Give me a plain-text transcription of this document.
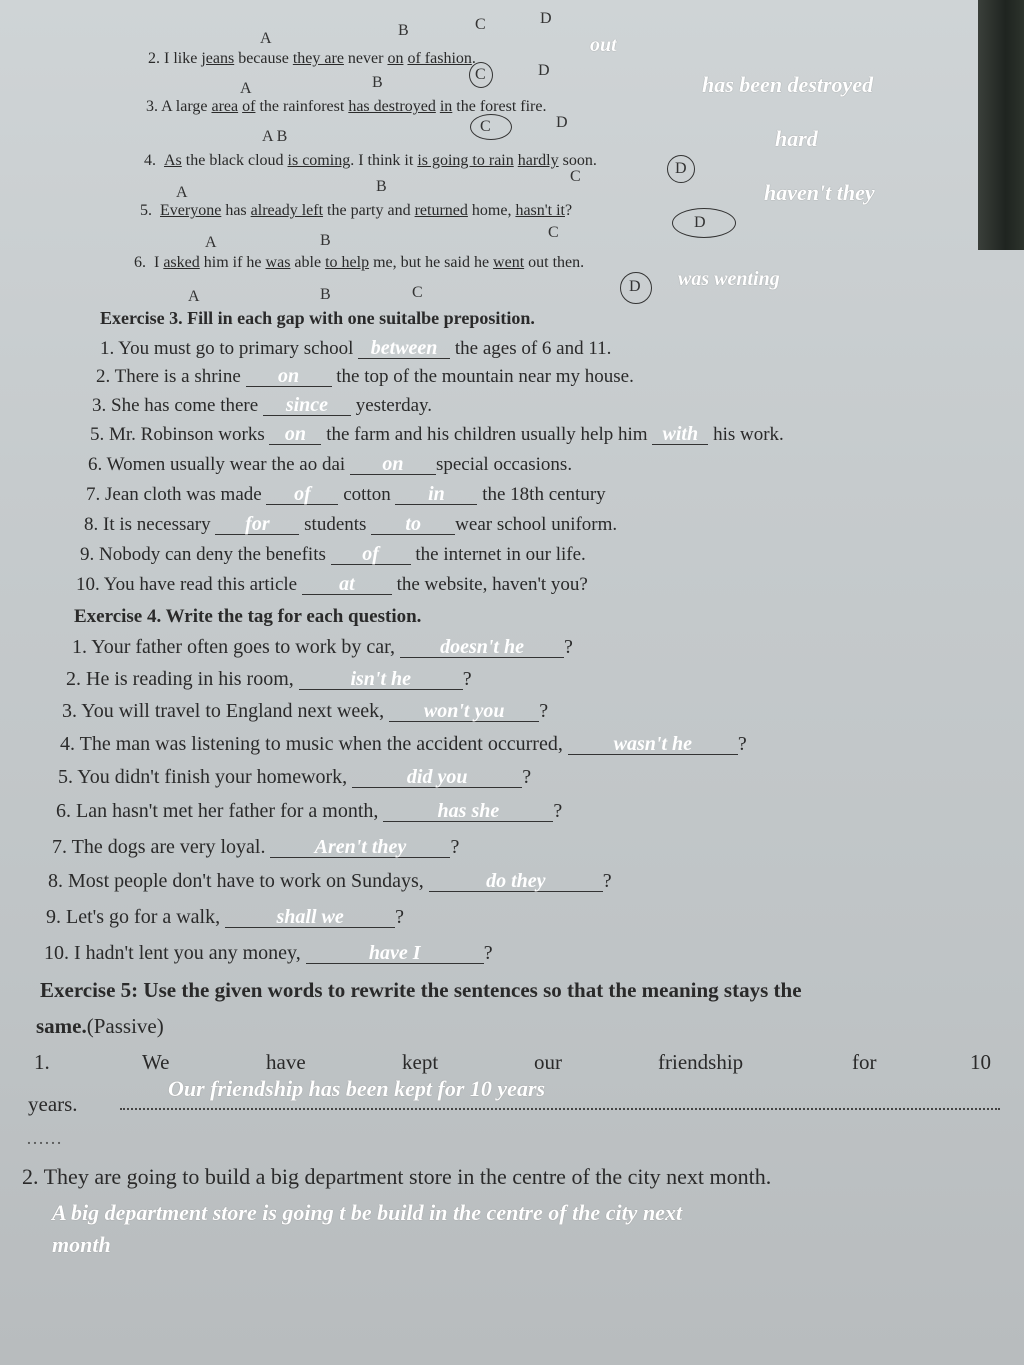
A	B	C	D
2. I like jeans because they are never on of fashion.
out
A	B	C	D
3. A large area of the rainforest has destroyed in the forest fire.
has been destroyed
A B
C	D
4. As the black cloud is coming. I think it is going to rain hardly soon.
hard
A	B
C	D
5. Everyone has already left the party and returned home, hasn't it?
haven't they
A	B	C
D
6. I asked him if he was able to help me, but he said he went out then.
A	B	C	D was wenting
Exercise 3. Fill in each gap with one suitalbe preposition.
1. You must go to primary school between the ages of 6 and 11.
2. There is a shrine on the top of the mountain near my house.
3. She has come there since yesterday.
5. Mr. Robinson works on the farm and his children usually help him with his work.
6. Women usually wear the ao dai on special occasions.
7. Jean cloth was made of cotton in the 18th century
8. It is necessary for students to wear school uniform.
9. Nobody can deny the benefits of the internet in our life.
10. You have read this article at the website, haven't you?
Exercise 4. Write the tag for each question.
1. Your father often goes to work by car, doesn't he ?
2. He is reading in his room,	isn't he	?
3. You will travel to England next week, won't you ?
4. The man was listening to music when the accident occurred,	wasn't he ?
5. You didn't finish your homework,	did you	?
6. Lan hasn't met her father for a month,	has she	?
7. The dogs are very loyal. Aren't they ?
8. Most people don't have to work on Sundays,	do they	?
9. Let's go for a walk,	shall we	?
10. I hadn't lent you any money,	have I	?
Exercise 5: Use the given words to rewrite the sentences so that the meaning stays the
same.(Passive)
1.	We	have	kept	our	friendship	for	10
years.
Our friendship has been kept for 10 years
……
2. They are going to build a big department store in the centre of the city next month.
A big department store is going t be build in the centre of the city next
month
